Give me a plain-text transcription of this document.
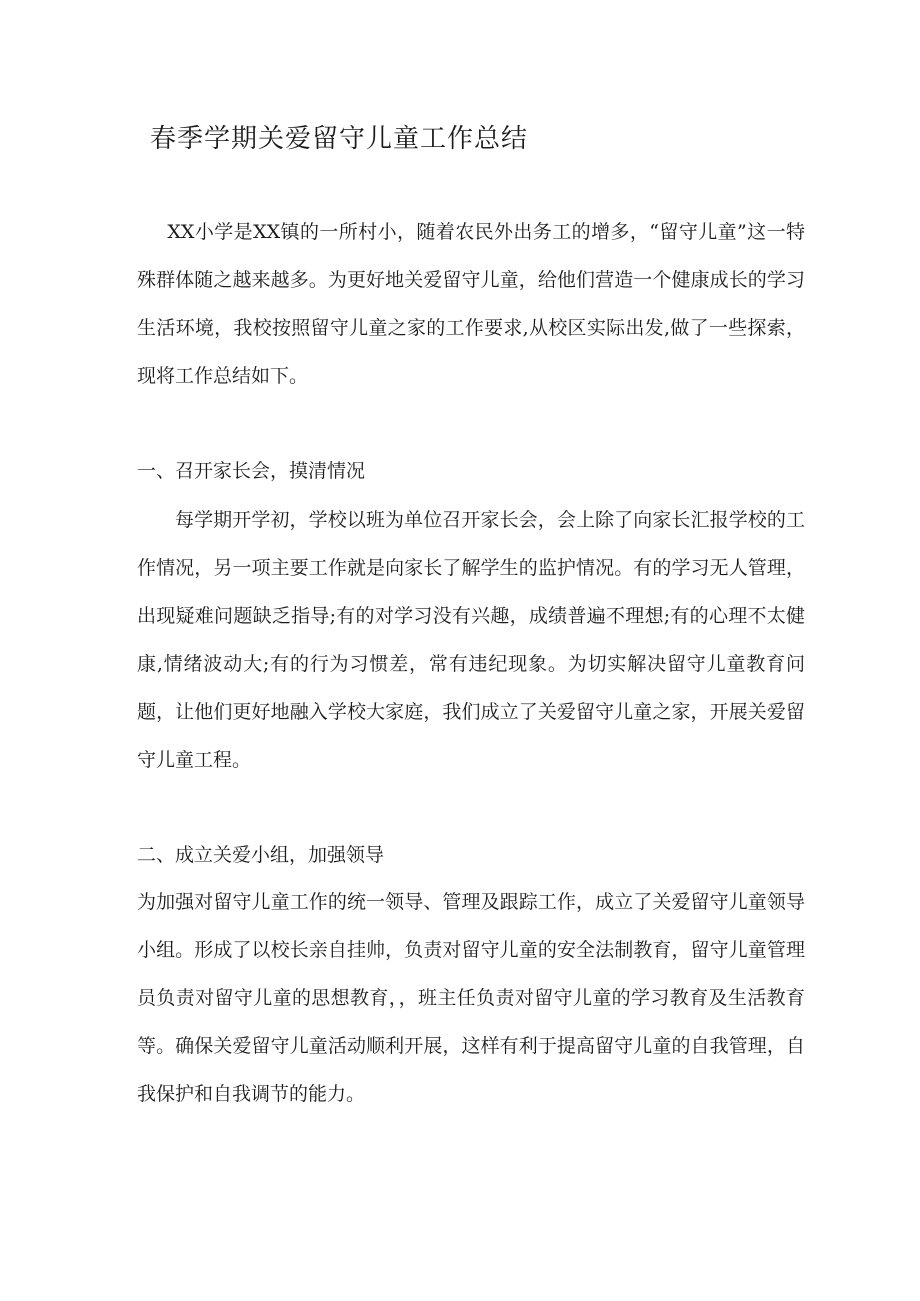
春季学期关爱留守儿童工作总结

XX小学是XX镇的一所村小，随着农民外出务工的增多，“留守儿童”这一特殊群体随之越来越多。为更好地关爱留守儿童，给他们营造一个健康成长的学习生活环境，我校按照留守儿童之家的工作要求,从校区实际出发,做了一些探索，现将工作总结如下。

一、召开家长会，摸清情况

每学期开学初，学校以班为单位召开家长会，会上除了向家长汇报学校的工作情况，另一项主要工作就是向家长了解学生的监护情况。有的学习无人管理，出现疑难问题缺乏指导;有的对学习没有兴趣，成绩普遍不理想;有的心理不太健康,情绪波动大;有的行为习惯差，常有违纪现象。为切实解决留守儿童教育问题，让他们更好地融入学校大家庭，我们成立了关爱留守儿童之家，开展关爱留守儿童工程。

二、成立关爱小组，加强领导

为加强对留守儿童工作的统一领导、管理及跟踪工作，成立了关爱留守儿童领导小组。形成了以校长亲自挂帅，负责对留守儿童的安全法制教育，留守儿童管理员负责对留守儿童的思想教育，，班主任负责对留守儿童的学习教育及生活教育等。确保关爱留守儿童活动顺利开展，这样有利于提高留守儿童的自我管理，自我保护和自我调节的能力。
